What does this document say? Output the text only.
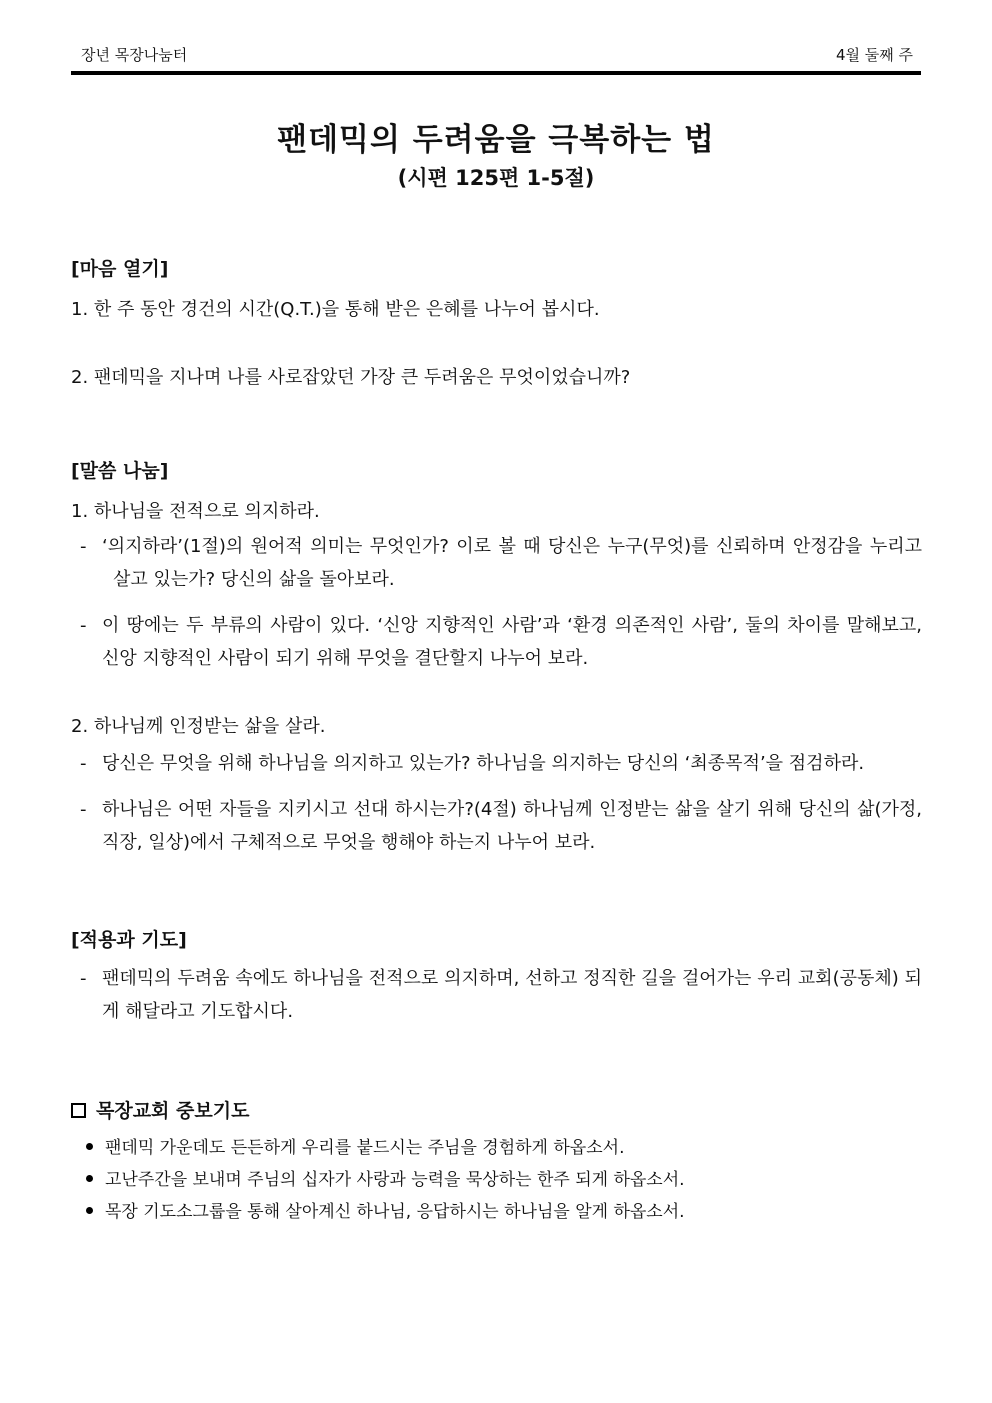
장년 목장나눔터	4월 둘째 주
팬데믹의 두려움을 극복하는 법
(시편 125편 1-5절)
[마음 열기]
1. 한 주 동안 경건의 시간(Q.T.)을 통해 받은 은혜를 나누어 봅시다.
2. 팬데믹을 지나며 나를 사로잡았던 가장 큰 두려움은 무엇이었습니까?
[말씀 나눔]
1. 하나님을 전적으로 의지하라.
- ‘의지하라’(1절)의 원어적 의미는 무엇인가? 이로 볼 때 당신은 누구(무엇)를 신뢰하며 안정감을 누리고 살고 있는가? 당신의 삶을 돌아보라.
- 이 땅에는 두 부류의 사람이 있다. ‘신앙 지향적인 사람’과 ‘환경 의존적인 사람’, 둘의 차이를 말해보고, 신앙 지향적인 사람이 되기 위해 무엇을 결단할지 나누어 보라.
2. 하나님께 인정받는 삶을 살라.
- 당신은 무엇을 위해 하나님을 의지하고 있는가? 하나님을 의지하는 당신의 ‘최종목적’을 점검하라.
- 하나님은 어떤 자들을 지키시고 선대 하시는가?(4절) 하나님께 인정받는 삶을 살기 위해 당신의 삶(가정, 직장, 일상)에서 구체적으로 무엇을 행해야 하는지 나누어 보라.
[적용과 기도]
- 팬데믹의 두려움 속에도 하나님을 전적으로 의지하며, 선하고 정직한 길을 걸어가는 우리 교회(공동체) 되게 해달라고 기도합시다.
목장교회 중보기도
팬데믹 가운데도 든든하게 우리를 붙드시는 주님을 경험하게 하옵소서.
고난주간을 보내며 주님의 십자가 사랑과 능력을 묵상하는 한주 되게 하옵소서.
목장 기도소그룹을 통해 살아계신 하나님, 응답하시는 하나님을 알게 하옵소서.
